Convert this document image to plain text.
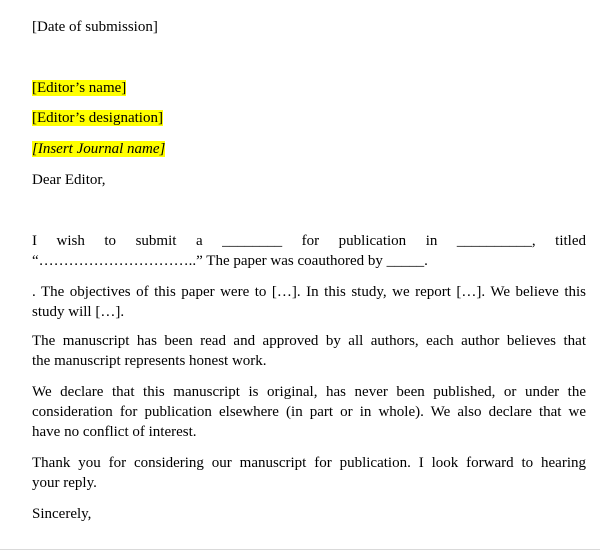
[Date of submission]
[Editor’s name]
[Editor’s designation]
[Insert Journal name]
Dear Editor,
I wish to submit a ________ for publication in __________, titled
“…………………………..” The paper was coauthored by _____.
. The objectives of this paper were to […]. In this study, we report […]. We believe this
study will […].
The manuscript has been read and approved by all authors, each author believes that
the manuscript represents honest work.
We declare that this manuscript is original, has never been published, or under the
consideration for publication elsewhere (in part or in whole). We also declare that we
have no conflict of interest.
Thank you for considering our manuscript for publication. I look forward to hearing
your reply.
Sincerely,
